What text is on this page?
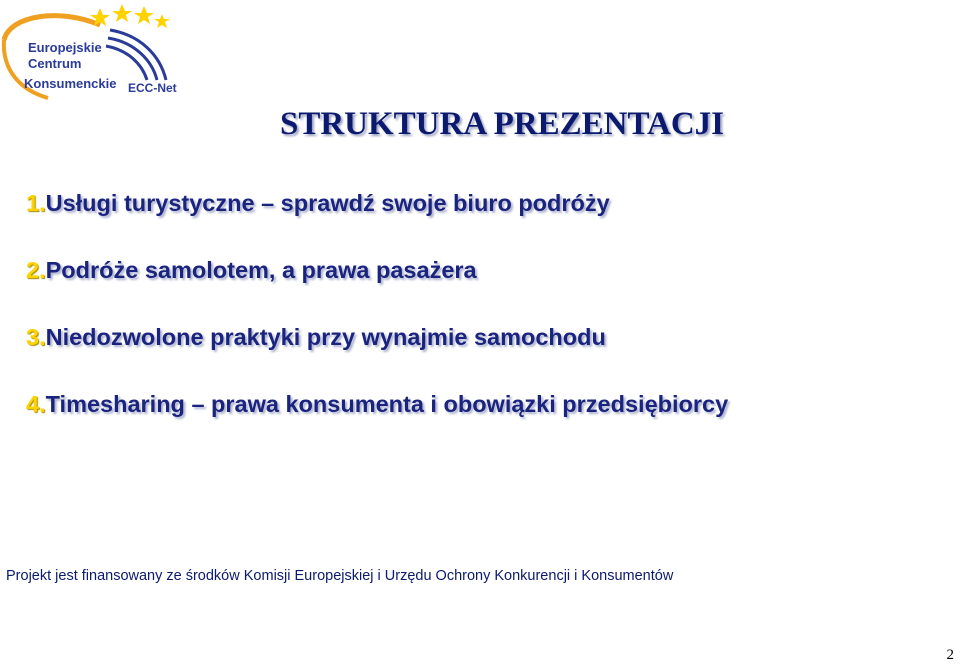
Europejskie
Centrum
Konsumenckie ECC-Net
STRUKTURA PREZENTACJI
1.Usługi turystyczne – sprawdź swoje biuro podróży
2.Podróże samolotem, a prawa pasażera
3.Niedozwolone praktyki przy wynajmie samochodu
4.Timesharing – prawa konsumenta i obowiązki przedsiębiorcy
Projekt jest finansowany ze środków Komisji Europejskiej i Urzędu Ochrony Konkurencji i Konsumentów
2
